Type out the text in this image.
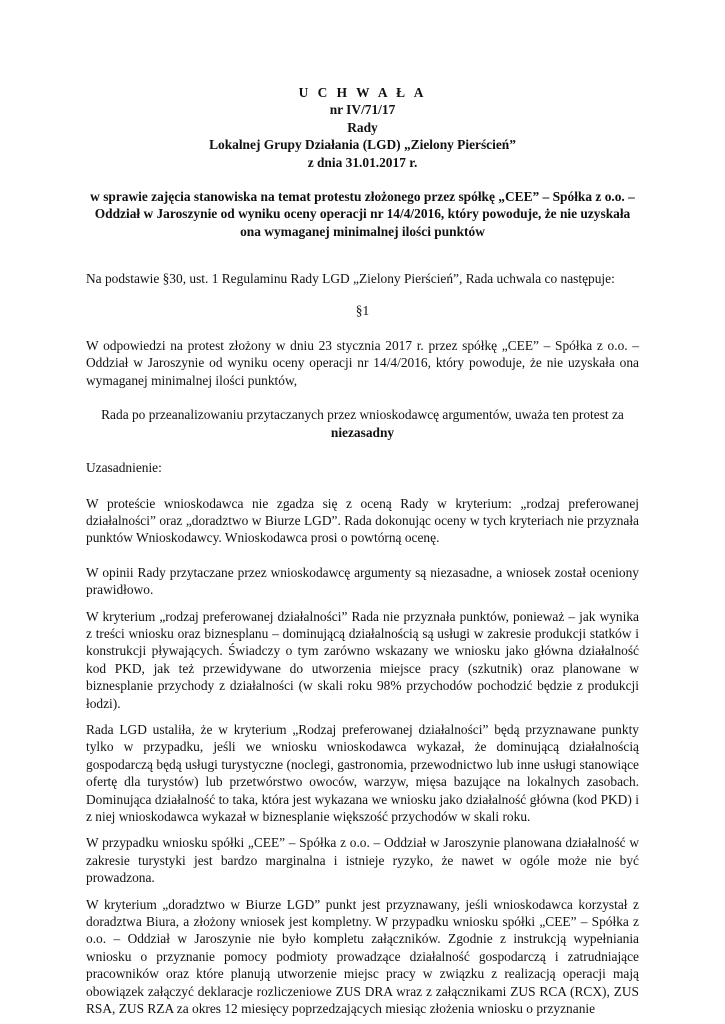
U C H W A Ł A
nr IV/71/17
Rady
Lokalnej Grupy Działania (LGD) „Zielony Pierścień”
z dnia 31.01.2017 r.
w sprawie zajęcia stanowiska na temat protestu złożonego przez spółkę „CEE” – Spółka z o.o. – Oddział w Jaroszynie od wyniku oceny operacji nr 14/4/2016, który powoduje, że nie uzyskała ona wymaganej minimalnej ilości punktów

Na podstawie §30, ust. 1 Regulaminu Rady LGD „Zielony Pierścień”, Rada uchwala co następuje:

§1

W odpowiedzi na protest złożony w dniu 23 stycznia 2017 r. przez spółkę „CEE” – Spółka z o.o. – Oddział w Jaroszynie od wyniku oceny operacji nr 14/4/2016, który powoduje, że nie uzyskała ona wymaganej minimalnej ilości punktów,

Rada po przeanalizowaniu przytaczanych przez wnioskodawcę argumentów, uważa ten protest za
niezasadny

Uzasadnienie:

W proteście wnioskodawca nie zgadza się z oceną Rady w kryterium: „rodzaj preferowanej działalności” oraz „doradztwo w Biurze LGD”. Rada dokonując oceny w tych kryteriach nie przyznała punktów Wnioskodawcy. Wnioskodawca prosi o powtórną ocenę.

W opinii Rady przytaczane przez wnioskodawcę argumenty są niezasadne, a wniosek został oceniony prawidłowo.

W kryterium „rodzaj preferowanej działalności” Rada nie przyznała punktów, ponieważ – jak wynika z treści wniosku oraz biznesplanu – dominującą działalnością są usługi w zakresie produkcji statków i konstrukcji pływających. Świadczy o tym zarówno wskazany we wniosku jako główna działalność kod PKD, jak też przewidywane do utworzenia miejsce pracy (szkutnik) oraz planowane w biznesplanie przychody z działalności (w skali roku 98% przychodów pochodzić będzie z produkcji łodzi).

Rada LGD ustaliła, że w kryterium „Rodzaj preferowanej działalności” będą przyznawane punkty tylko w przypadku, jeśli we wniosku wnioskodawca wykazał, że dominującą działalnością gospodarczą będą usługi turystyczne (noclegi, gastronomia, przewodnictwo lub inne usługi stanowiące ofertę dla turystów) lub przetwórstwo owoców, warzyw, mięsa bazujące na lokalnych zasobach. Dominująca działalność to taka, która jest wykazana we wniosku jako działalność główna (kod PKD) i z niej wnioskodawca wykazał w biznesplanie większość przychodów w skali roku.

W przypadku wniosku spółki „CEE” – Spółka z o.o. – Oddział w Jaroszynie planowana działalność w zakresie turystyki jest bardzo marginalna i istnieje ryzyko, że nawet w ogóle może nie być prowadzona.

W kryterium „doradztwo w Biurze LGD” punkt jest przyznawany, jeśli wnioskodawca korzystał z doradztwa Biura, a złożony wniosek jest kompletny. W przypadku wniosku spółki „CEE” – Spółka z o.o. – Oddział w Jaroszynie nie było kompletu załączników. Zgodnie z instrukcją wypełniania wniosku o przyznanie pomocy podmioty prowadzące działalność gospodarczą i zatrudniające pracowników oraz które planują utworzenie miejsc pracy w związku z realizacją operacji mają obowiązek załączyć deklaracje rozliczeniowe ZUS DRA wraz z załącznikami ZUS RCA (RCX), ZUS RSA, ZUS RZA za okres 12 miesięcy poprzedzających miesiąc złożenia wniosku o przyznanie
